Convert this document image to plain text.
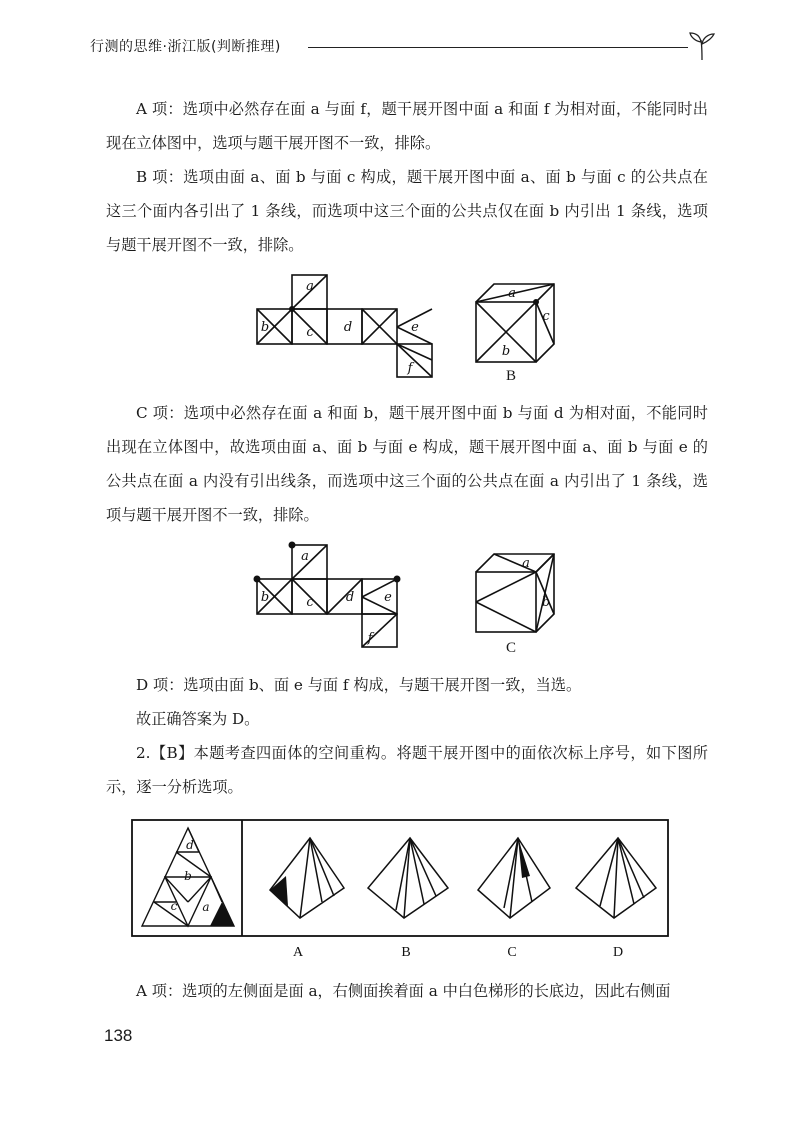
行测的思维·浙江版(判断推理)
A 项：选项中必然存在面 a 与面 f，题干展开图中面 a 和面 f 为相对面，不能同时出现在立体图中，选项与题干展开图不一致，排除。
B 项：选项由面 a、面 b 与面 c 构成，题干展开图中面 a、面 b 与面 c 的公共点在这三个面内各引出了 1 条线，而选项中这三个面的公共点仅在面 b 内引出 1 条线，选项与题干展开图不一致，排除。
a
b	c d	e
f
a
c
b
B
C 项：选项中必然存在面 a 和面 b，题干展开图中面 b 与面 d 为相对面，不能同时出现在立体图中，故选项由面 a、面 b 与面 e 构成，题干展开图中面 a、面 b 与面 e 的公共点在面 a 内没有引出线条，而选项中这三个面的公共点在面 a 内引出了 1 条线，选项与题干展开图不一致，排除。
a
b	c d e
f
a
b
C
D 项：选项由面 b、面 e 与面 f 构成，与题干展开图一致，当选。
故正确答案为 D。
2.【B】本题考查四面体的空间重构。将题干展开图中的面依次标上序号，如下图所示，逐一分析选项。
d
b
c a
A	B	C	D
A 项：选项的左侧面是面 a，右侧面挨着面 a 中白色梯形的长底边，因此右侧面
138
